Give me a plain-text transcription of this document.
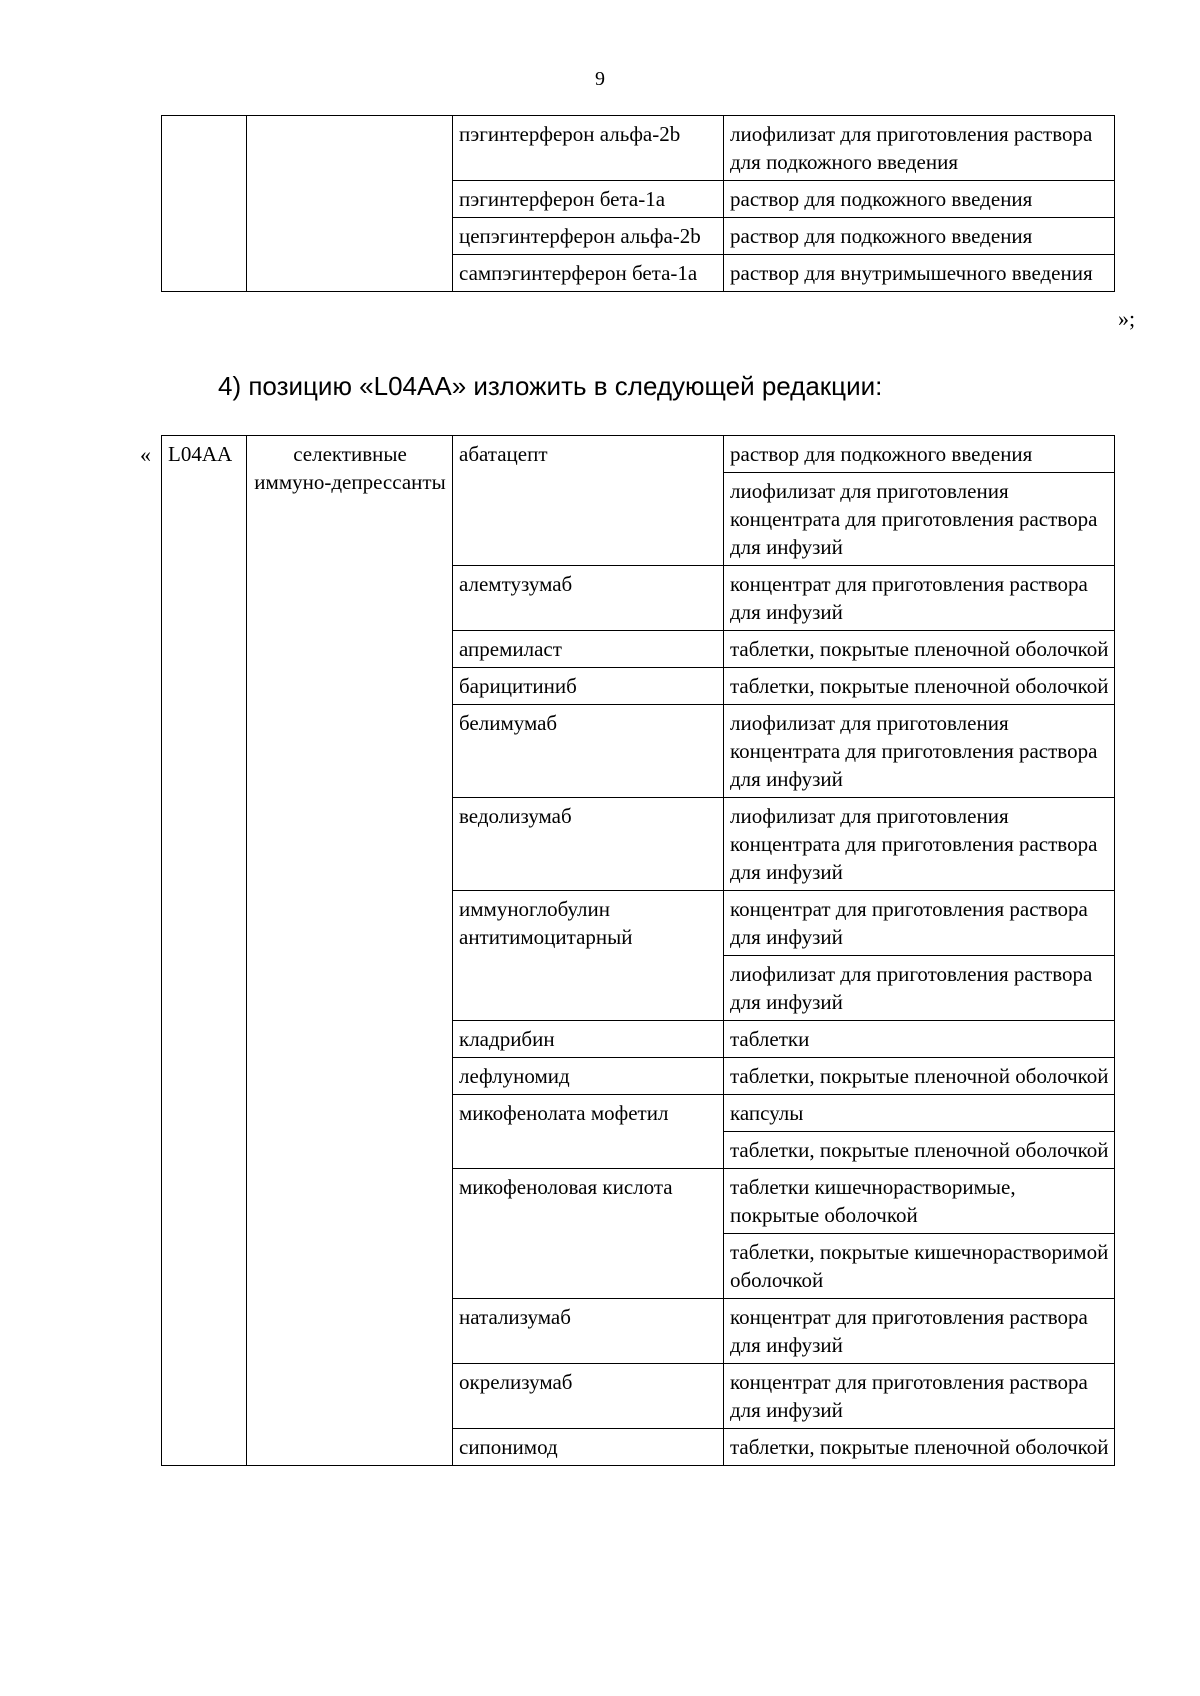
9
		пэгинтерферон альфа-2b	лиофилизат для приготовления раствора для подкожного введения
		пэгинтерферон бета-1a	раствор для подкожного введения
		цепэгинтерферон альфа-2b	раствор для подкожного введения
		сампэгинтерферон бета-1a	раствор для внутримышечного введения
»;
4) позицию «L04AA» изложить в следующей редакции:
« L04AA	селективные иммуно-депрессанты	абатацепт	раствор для подкожного введения
			лиофилизат для приготовления концентрата для приготовления раствора для инфузий
		алемтузумаб	концентрат для приготовления раствора для инфузий
		апремиласт	таблетки, покрытые пленочной оболочкой
		барицитиниб	таблетки, покрытые пленочной оболочкой
		белимумаб	лиофилизат для приготовления концентрата для приготовления раствора для инфузий
		ведолизумаб	лиофилизат для приготовления концентрата для приготовления раствора для инфузий
		иммуноглобулин антитимоцитарный	концентрат для приготовления раствора для инфузий
			лиофилизат для приготовления раствора для инфузий
		кладрибин	таблетки
		лефлуномид	таблетки, покрытые пленочной оболочкой
		микофенолата мофетил	капсулы
			таблетки, покрытые пленочной оболочкой
		микофеноловая кислота	таблетки кишечнорастворимые, покрытые оболочкой
			таблетки, покрытые кишечнорастворимой оболочкой
		натализумаб	концентрат для приготовления раствора для инфузий
		окрелизумаб	концентрат для приготовления раствора для инфузий
		сипонимод	таблетки, покрытые пленочной оболочкой
